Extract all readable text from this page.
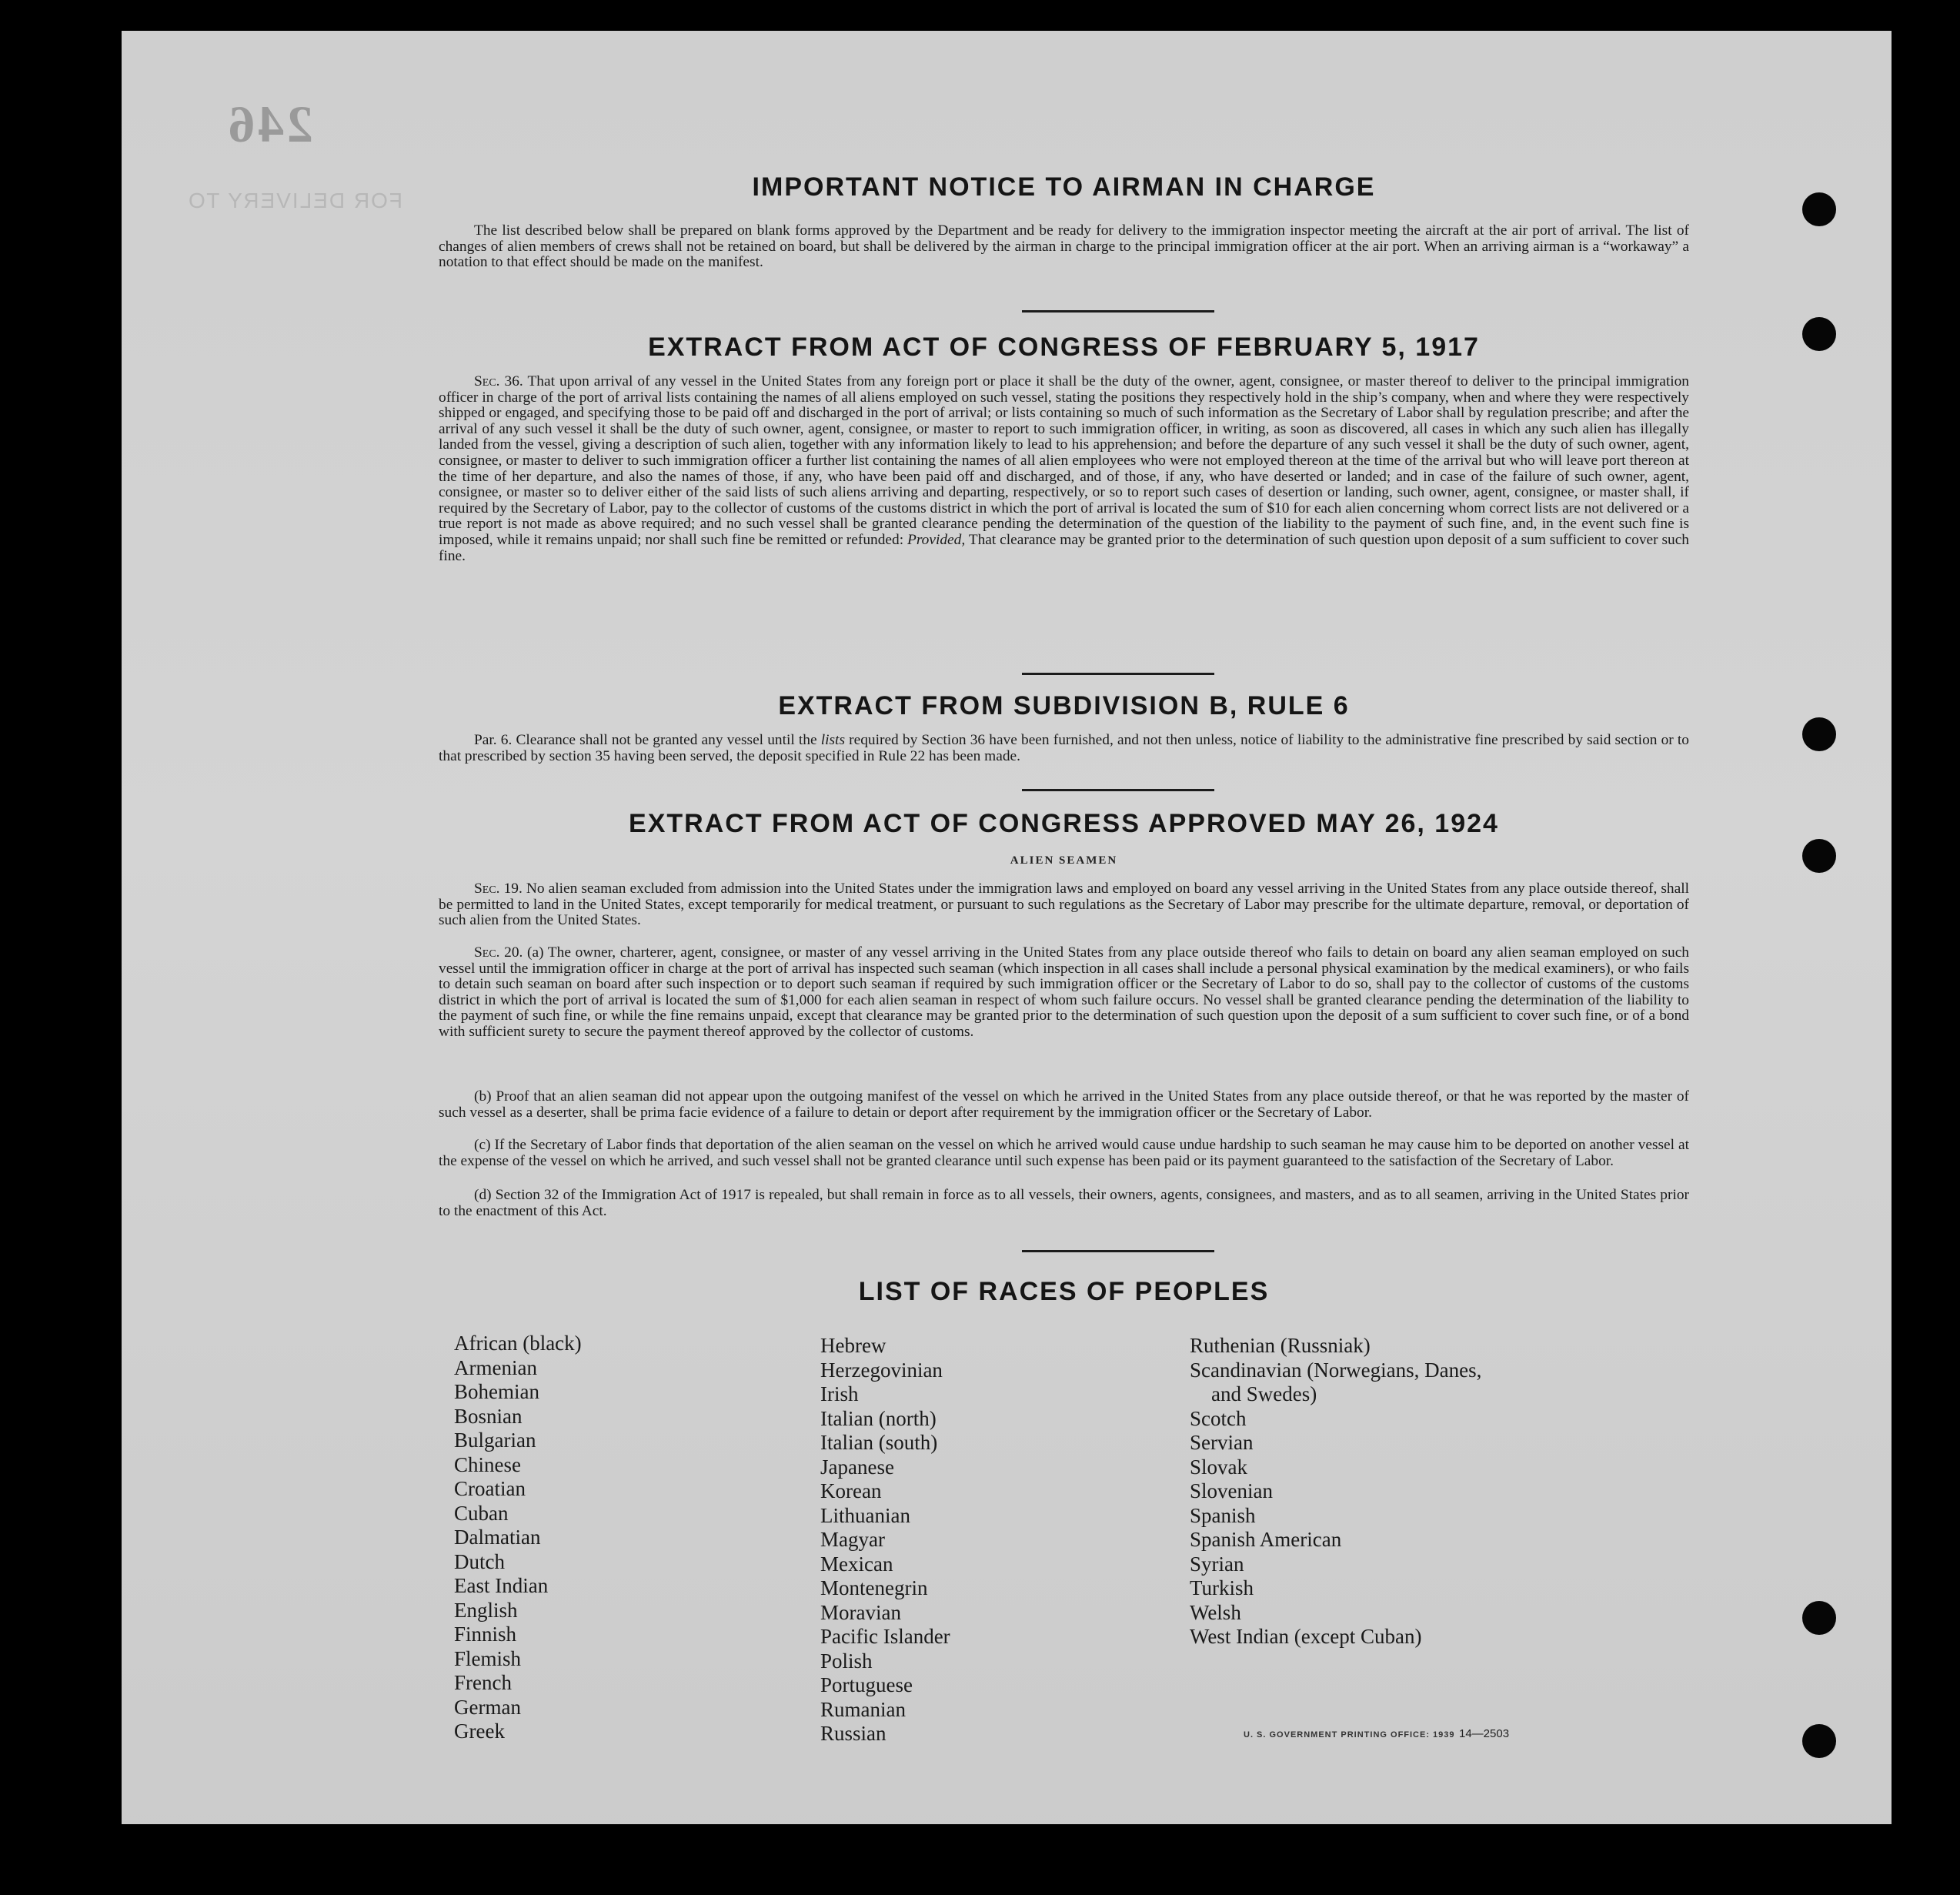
246
FOR DELIVERY TO	IMPORTANT NOTICE TO AIRMAN IN CHARGE
The list described below shall be prepared on blank forms approved by the Department and be ready for delivery to the immigration inspector meeting the aircraft at the air port of arrival. The list of changes of alien members of crews shall not be retained on board, but shall be delivered by the airman in charge to the principal immigration officer at the air port. When an arriving airman is a “workaway” a notation to that effect should be made on the manifest.
EXTRACT FROM ACT OF CONGRESS OF FEBRUARY 5, 1917
Sec. 36. That upon arrival of any vessel in the United States from any foreign port or place it shall be the duty of the owner, agent, consignee, or master thereof to deliver to the principal immigration officer in charge of the port of arrival lists containing the names of all aliens employed on such vessel, stating the positions they respectively hold in the ship’s company, when and where they were respectively shipped or engaged, and specifying those to be paid off and discharged in the port of arrival; or lists containing so much of such information as the Secretary of Labor shall by regulation prescribe; and after the arrival of any such vessel it shall be the duty of such owner, agent, consignee, or master to report to such immigration officer, in writing, as soon as discovered, all cases in which any such alien has illegally landed from the vessel, giving a description of such alien, together with any information likely to lead to his apprehension; and before the departure of any such vessel it shall be the duty of such owner, agent, consignee, or master to deliver to such immigration officer a further list containing the names of all alien employees who were not employed thereon at the time of the arrival but who will leave port thereon at the time of her departure, and also the names of those, if any, who have been paid off and discharged, and of those, if any, who have deserted or landed; and in case of the failure of such owner, agent, consignee, or master so to deliver either of the said lists of such aliens arriving and departing, respectively, or so to report such cases of desertion or landing, such owner, agent, consignee, or master shall, if required by the Secretary of Labor, pay to the collector of customs of the customs district in which the port of arrival is located the sum of $10 for each alien concerning whom correct lists are not delivered or a true report is not made as above required; and no such vessel shall be granted clearance pending the determination of the question of the liability to the payment of such fine, and, in the event such fine is imposed, while it remains unpaid; nor shall such fine be remitted or refunded: Provided, That clearance may be granted prior to the determination of such question upon deposit of a sum sufficient to cover such fine.
EXTRACT FROM SUBDIVISION B, RULE 6
Par. 6. Clearance shall not be granted any vessel until the lists required by Section 36 have been furnished, and not then unless, notice of liability to the administrative fine prescribed by said section or to that prescribed by section 35 having been served, the deposit specified in Rule 22 has been made.
EXTRACT FROM ACT OF CONGRESS APPROVED MAY 26, 1924
ALIEN SEAMEN
Sec. 19. No alien seaman excluded from admission into the United States under the immigration laws and employed on board any vessel arriving in the United States from any place outside thereof, shall be permitted to land in the United States, except temporarily for medical treatment, or pursuant to such regulations as the Secretary of Labor may prescribe for the ultimate departure, removal, or deportation of such alien from the United States.
Sec. 20. (a) The owner, charterer, agent, consignee, or master of any vessel arriving in the United States from any place outside thereof who fails to detain on board any alien seaman employed on such vessel until the immigration officer in charge at the port of arrival has inspected such seaman (which inspection in all cases shall include a personal physical examination by the medical examiners), or who fails to detain such seaman on board after such inspection or to deport such seaman if required by such immigration officer or the Secretary of Labor to do so, shall pay to the collector of customs of the customs district in which the port of arrival is located the sum of $1,000 for each alien seaman in respect of whom such failure occurs. No vessel shall be granted clearance pending the determination of the liability to the payment of such fine, or while the fine remains unpaid, except that clearance may be granted prior to the determination of such question upon the deposit of a sum sufficient to cover such fine, or of a bond with sufficient surety to secure the payment thereof approved by the collector of customs.
(b) Proof that an alien seaman did not appear upon the outgoing manifest of the vessel on which he arrived in the United States from any place outside thereof, or that he was reported by the master of such vessel as a deserter, shall be prima facie evidence of a failure to detain or deport after requirement by the immigration officer or the Secretary of Labor.
(c) If the Secretary of Labor finds that deportation of the alien seaman on the vessel on which he arrived would cause undue hardship to such seaman he may cause him to be deported on another vessel at the expense of the vessel on which he arrived, and such vessel shall not be granted clearance until such expense has been paid or its payment guaranteed to the satisfaction of the Secretary of Labor.
(d) Section 32 of the Immigration Act of 1917 is repealed, but shall remain in force as to all vessels, their owners, agents, consignees, and masters, and as to all seamen, arriving in the United States prior to the enactment of this Act.
LIST OF RACES OF PEOPLES
African (black)
Armenian
Bohemian
Bosnian
Bulgarian
Chinese
Croatian
Cuban
Dalmatian
Dutch
East Indian
English
Finnish
Flemish
French
German
Greek
Hebrew
Herzegovinian
Irish
Italian (north)
Italian (south)
Japanese
Korean
Lithuanian
Magyar
Mexican
Montenegrin
Moravian
Pacific Islander
Polish
Portuguese
Rumanian
Russian
Ruthenian (Russniak)
Scandinavian (Norwegians, Danes,
and Swedes)
Scotch
Servian
Slovak
Slovenian
Spanish
Spanish American
Syrian
Turkish
Welsh
West Indian (except Cuban)
U. S. GOVERNMENT PRINTING OFFICE: 1939 14—2503
